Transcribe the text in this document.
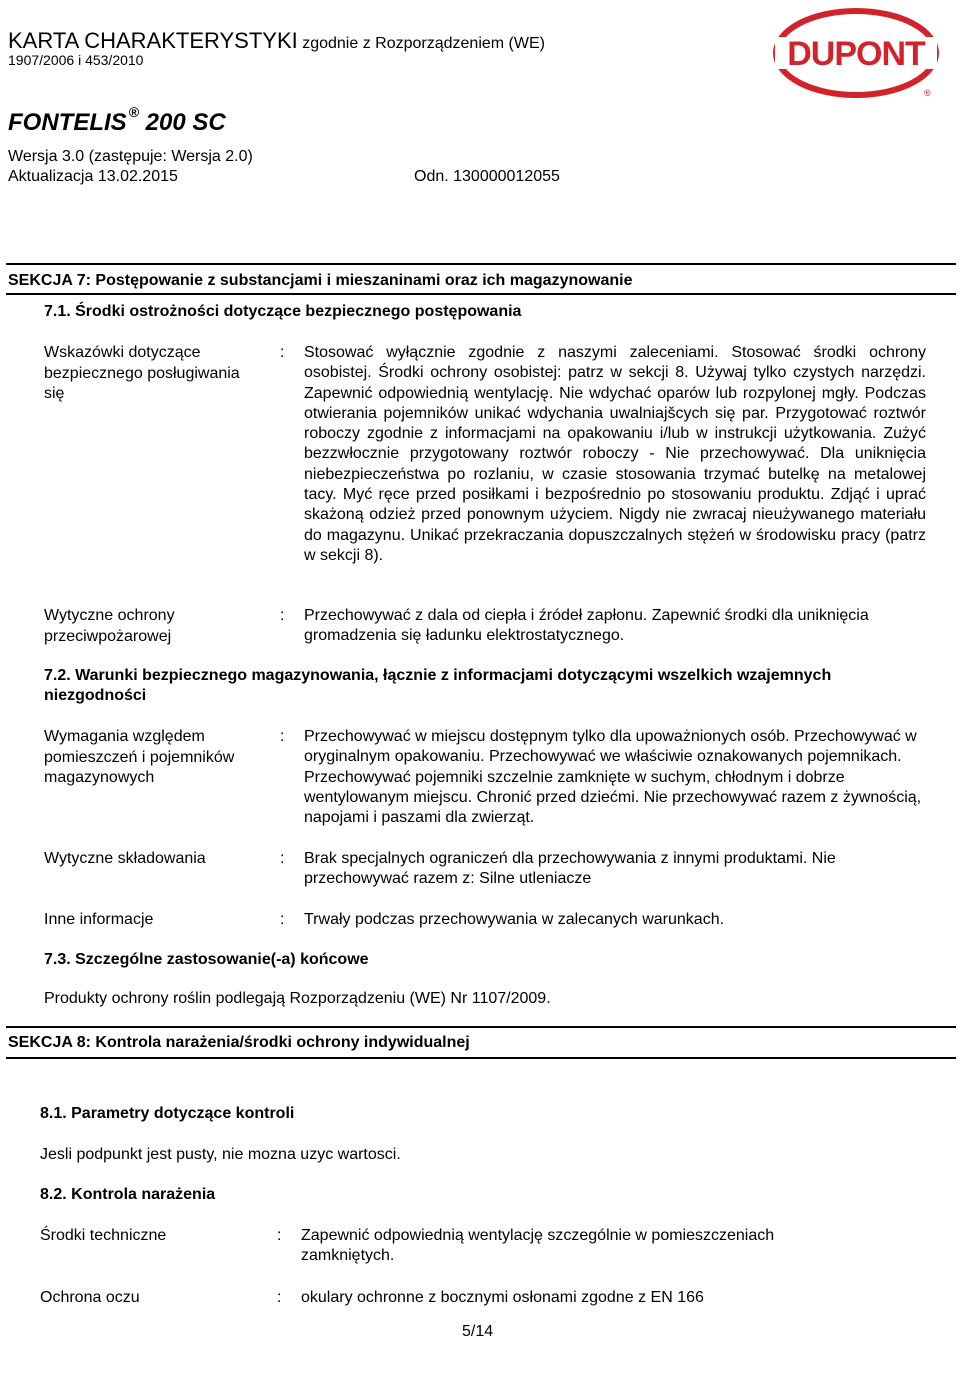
KARTA CHARAKTERYSTYKI zgodnie z Rozporządzeniem (WE)
1907/2006 i 453/2010
FONTELIS ® 200 SC
Wersja 3.0 (zastępuje: Wersja 2.0)
Aktualizacja 13.02.2015	Odn. 130000012055
DUPONT
®
SEKCJA 7: Postępowanie z substancjami i mieszaninami oraz ich magazynowanie
7.1. Środki ostrożności dotyczące bezpiecznego postępowania
Wskazówki dotyczące bezpiecznego posługiwania się
: Stosować wyłącznie zgodnie z naszymi zaleceniami. Stosować środki ochrony osobistej. Środki ochrony osobistej: patrz w sekcji 8. Używaj tylko czystych narzędzi. Zapewnić odpowiednią wentylację. Nie wdychać oparów lub rozpylonej mgły. Podczas otwierania pojemników unikać wdychania uwalniajšcych się par. Przygotować roztwór roboczy zgodnie z informacjami na opakowaniu i/lub w instrukcji użytkowania. Zużyć bezzwłocznie przygotowany roztwór roboczy - Nie przechowywać. Dla uniknięcia niebezpieczeństwa po rozlaniu, w czasie stosowania trzymać butelkę na metalowej tacy. Myć ręce przed posiłkami i bezpośrednio po stosowaniu produktu. Zdjąć i uprać skażoną odzież przed ponownym użyciem. Nigdy nie zwracaj nieużywanego materiału do magazynu. Unikać przekraczania dopuszczalnych stężeń w środowisku pracy (patrz w sekcji 8).
Wytyczne ochrony przeciwpożarowej
: Przechowywać z dala od ciepła i źródeł zapłonu. Zapewnić środki dla uniknięcia gromadzenia się ładunku elektrostatycznego.
7.2. Warunki bezpiecznego magazynowania, łącznie z informacjami dotyczącymi wszelkich wzajemnych niezgodności
Wymagania względem pomieszczeń i pojemników magazynowych
: Przechowywać w miejscu dostępnym tylko dla upoważnionych osób. Przechowywać w oryginalnym opakowaniu. Przechowywać we właściwie oznakowanych pojemnikach. Przechowywać pojemniki szczelnie zamknięte w suchym, chłodnym i dobrze wentylowanym miejscu. Chronić przed dziećmi. Nie przechowywać razem z żywnością, napojami i paszami dla zwierząt.
Wytyczne składowania	: Brak specjalnych ograniczeń dla przechowywania z innymi produktami. Nie przechowywać razem z: Silne utleniacze
Inne informacje	: Trwały podczas przechowywania w zalecanych warunkach.
7.3. Szczególne zastosowanie(-a) końcowe
Produkty ochrony roślin podlegają Rozporządzeniu (WE) Nr 1107/2009.
SEKCJA 8: Kontrola narażenia/środki ochrony indywidualnej
8.1. Parametry dotyczące kontroli
Jesli podpunkt jest pusty, nie mozna uzyc wartosci.
8.2. Kontrola narażenia
Środki techniczne	: Zapewnić odpowiednią wentylację szczególnie w pomieszczeniach zamkniętych.
Ochrona oczu	: okulary ochronne z bocznymi osłonami zgodne z EN 166
5/14
